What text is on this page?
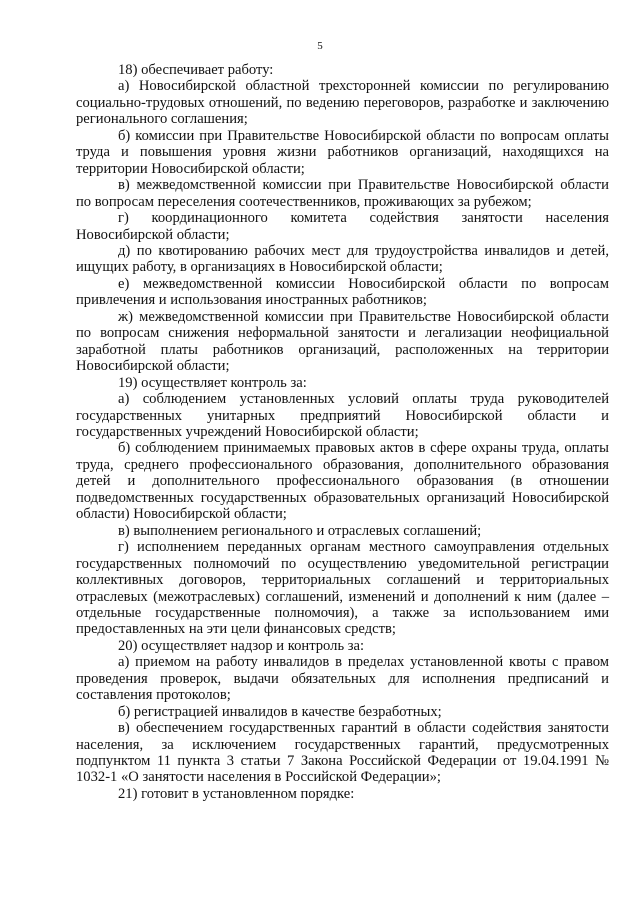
5

18) обеспечивает работу:

а) Новосибирской областной трехсторонней комиссии по регулированию социально-трудовых отношений, по ведению переговоров, разработке и заключению регионального соглашения;

б) комиссии при Правительстве Новосибирской области по вопросам оплаты труда и повышения уровня жизни работников организаций, находящихся на территории Новосибирской области;

в) межведомственной комиссии при Правительстве Новосибирской области по вопросам переселения соотечественников, проживающих за рубежом;

г) координационного комитета содействия занятости населения Новосибирской области;

д) по квотированию рабочих мест для трудоустройства инвалидов и детей, ищущих работу, в организациях в Новосибирской области;

е) межведомственной комиссии Новосибирской области по вопросам привлечения и использования иностранных работников;

ж) межведомственной комиссии при Правительстве Новосибирской области по вопросам снижения неформальной занятости и легализации неофициальной заработной платы работников организаций, расположенных на территории Новосибирской области;

19) осуществляет контроль за:

а) соблюдением установленных условий оплаты труда руководителей государственных унитарных предприятий Новосибирской области и государственных учреждений Новосибирской области;

б) соблюдением принимаемых правовых актов в сфере охраны труда, оплаты труда, среднего профессионального образования, дополнительного образования детей и дополнительного профессионального образования (в отношении подведомственных государственных образовательных организаций Новосибирской области) Новосибирской области;

в) выполнением регионального и отраслевых соглашений;

г) исполнением переданных органам местного самоуправления отдельных государственных полномочий по осуществлению уведомительной регистрации коллективных договоров, территориальных соглашений и территориальных отраслевых (межотраслевых) соглашений, изменений и дополнений к ним (далее – отдельные государственные полномочия), а также за использованием ими предоставленных на эти цели финансовых средств;

20) осуществляет надзор и контроль за:

а) приемом на работу инвалидов в пределах установленной квоты с правом проведения проверок, выдачи обязательных для исполнения предписаний и составления протоколов;

б) регистрацией инвалидов в качестве безработных;

в) обеспечением государственных гарантий в области содействия занятости населения, за исключением государственных гарантий, предусмотренных подпунктом 11 пункта 3 статьи 7 Закона Российской Федерации от 19.04.1991 № 1032-1 «О занятости населения в Российской Федерации»;

21) готовит в установленном порядке:
